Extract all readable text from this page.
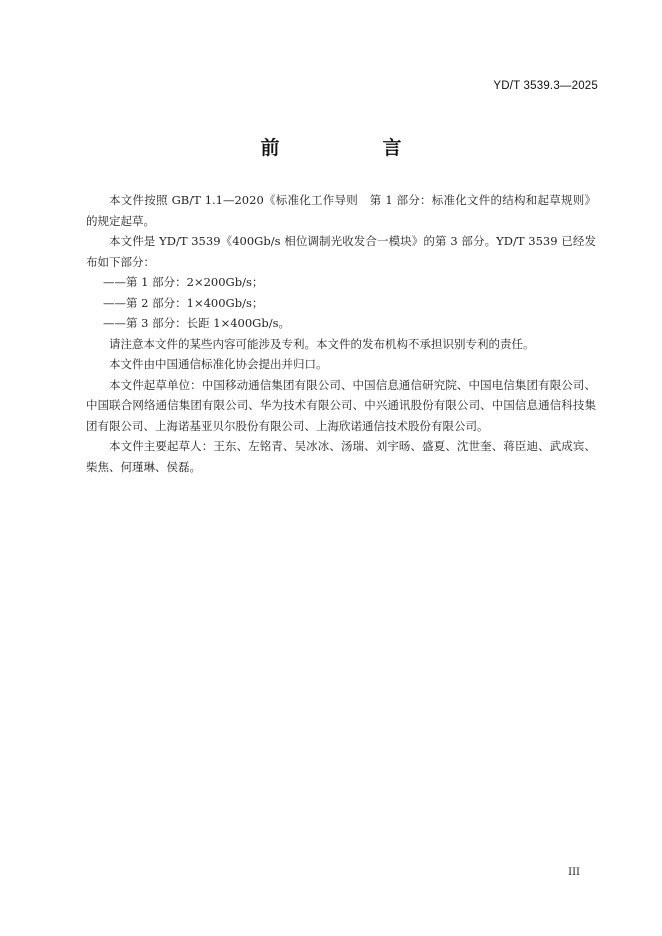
YD/T 3539.3—2025
前　言

本文件按照 GB/T 1.1—2020《标准化工作导则　第 1 部分：标准化文件的结构和起草规则》的规定起草。

本文件是 YD/T 3539《400Gb/s 相位调制光收发合一模块》的第 3 部分。YD/T 3539 已经发布如下部分：

——第 1 部分：2×200Gb/s；

——第 2 部分：1×400Gb/s；

——第 3 部分：长距 1×400Gb/s。

请注意本文件的某些内容可能涉及专利。本文件的发布机构不承担识别专利的责任。

本文件由中国通信标准化协会提出并归口。

本文件起草单位：中国移动通信集团有限公司、中国信息通信研究院、中国电信集团有限公司、中国联合网络通信集团有限公司、华为技术有限公司、中兴通讯股份有限公司、中国信息通信科技集团有限公司、上海诺基亚贝尔股份有限公司、上海欣诺通信技术股份有限公司。

本文件主要起草人：王东、左铭青、吴冰冰、汤瑞、刘宇旸、盛夏、沈世奎、蒋臣迪、武成宾、柴焦、何瑾琳、侯磊。

III
